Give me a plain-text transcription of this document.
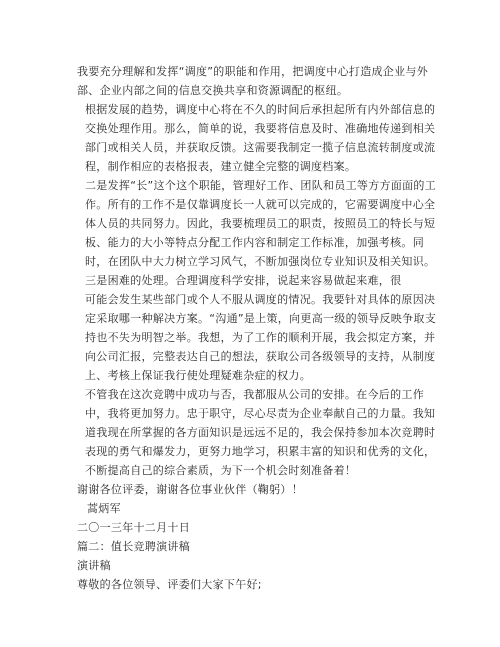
我要充分理解和发挥“调度”的职能和作用，把调度中心打造成企业与外部、企业内部之间的信息交换共享和资源调配的枢纽。

根据发展的趋势，调度中心将在不久的时间后承担起所有内外部信息的交换处理作用。那么，简单的说，我要将信息及时、准确地传递到相关部门或相关人员，并获取反馈。这需要我制定一揽子信息流转制度或流程，制作相应的表格报表，建立健全完整的调度档案。

二是发挥“长”这个这个职能，管理好工作、团队和员工等方方面面的工作。所有的工作不是仅靠调度长一人就可以完成的，它需要调度中心全体人员的共同努力。因此，我要梳理员工的职责，按照员工的特长与短板、能力的大小等特点分配工作内容和制定工作标准，加强考核。同时，在团队中大力树立学习风气，不断加强岗位专业知识及相关知识。

三是困难的处理。合理调度科学安排，说起来容易做起来难，很

可能会发生某些部门或个人不服从调度的情况。我要针对具体的原因决定采取哪一种解决方案。“沟通”是上策，向更高一级的领导反映争取支持也不失为明智之举。我想，为了工作的顺利开展，我会拟定方案，并向公司汇报，完整表达自己的想法，获取公司各级领导的支持，从制度上、考核上保证我行使处理疑难杂症的权力。

不管我在这次竞聘中成功与否，我都服从公司的安排。在今后的工作中，我将更加努力。忠于职守，尽心尽责为企业奉献自己的力量。我知道我现在所掌握的各方面知识是远远不足的，我会保持参加本次竞聘时表现的勇气和爆发力，更努力地学习，积累丰富的知识和优秀的文化，不断提高自己的综合素质，为下一个机会时刻准备着！

谢谢各位评委，谢谢各位事业伙伴（鞠躬）！

蒿炳军

二〇一三年十二月十日

篇二：值长竞聘演讲稿

演讲稿

尊敬的各位领导、评委们大家下午好;
